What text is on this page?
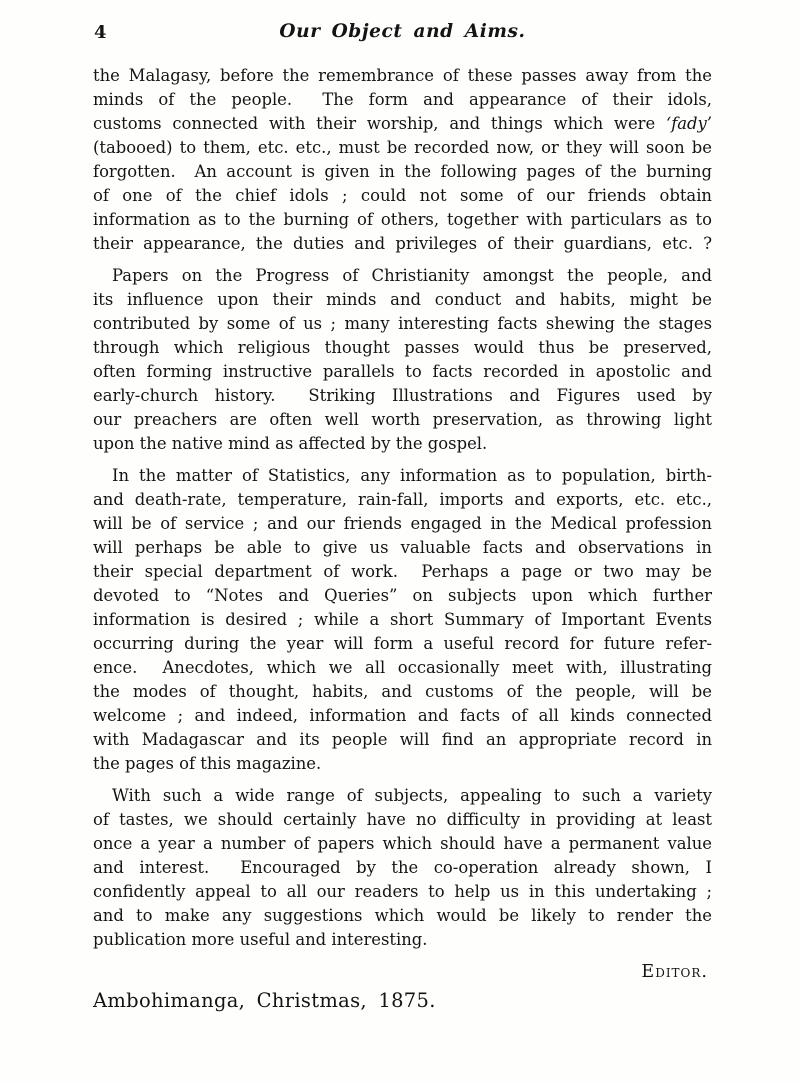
4	Our Object and Aims.
the Malagasy, before the remembrance of these passes away from the
minds of the people.  The form and appearance of their idols,
customs connected with their worship, and things which were ‘fady’
(tabooed) to them, etc. etc., must be recorded now, or they will soon be
forgotten.  An account is given in the following pages of the burning
of one of the chief idols ; could not some of our friends obtain
information as to the burning of others, together with particulars as to
their appearance, the duties and privileges of their guardians, etc. ?
Papers on the Progress of Christianity amongst the people, and
its influence upon their minds and conduct and habits, might be
contributed by some of us ; many interesting facts shewing the stages
through which religious thought passes would thus be preserved,
often forming instructive parallels to facts recorded in apostolic and
early-church history.  Striking Illustrations and Figures used by
our preachers are often well worth preservation, as throwing light
upon the native mind as affected by the gospel.
In the matter of Statistics, any information as to population, birth-
and death-rate, temperature, rain-fall, imports and exports, etc. etc.,
will be of service ; and our friends engaged in the Medical profession
will perhaps be able to give us valuable facts and observations in
their special department of work.  Perhaps a page or two may be
devoted to “Notes and Queries” on subjects upon which further
information is desired ; while a short Summary of Important Events
occurring during the year will form a useful record for future refer-
ence.  Anecdotes, which we all occasionally meet with, illustrating
the modes of thought, habits, and customs of the people, will be
welcome ; and indeed, information and facts of all kinds connected
with Madagascar and its people will find an appropriate record in
the pages of this magazine.
With such a wide range of subjects, appealing to such a variety
of tastes, we should certainly have no difficulty in providing at least
once a year a number of papers which should have a permanent value
and interest.  Encouraged by the co-operation already shown, I
confidently appeal to all our readers to help us in this undertaking ;
and to make any suggestions which would be likely to render the
publication more useful and interesting.
Editor.
Ambohimanga, Christmas, 1875.
